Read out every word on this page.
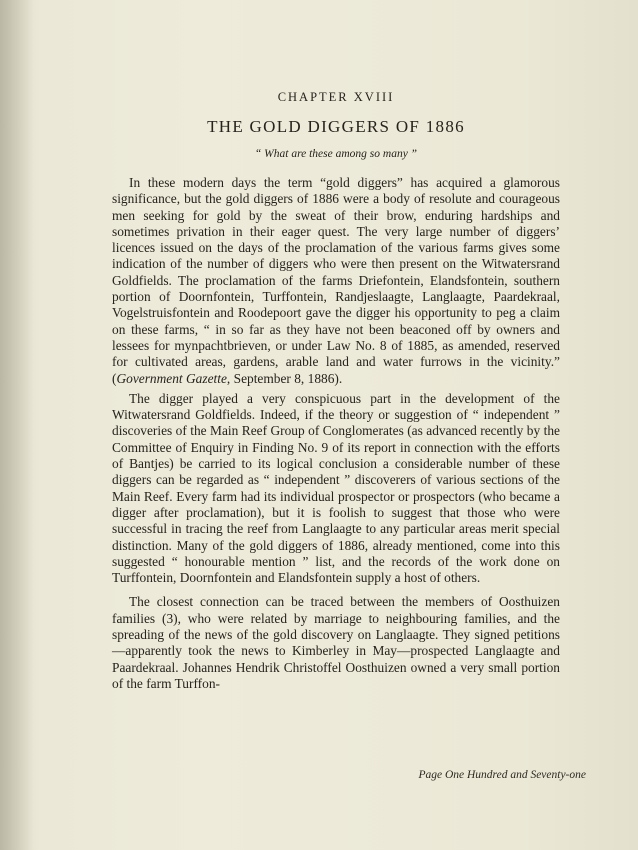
CHAPTER XVIII
THE GOLD DIGGERS OF 1886

“ What are these among so many ”

In these modern days the term “gold diggers” has acquired a glamorous significance, but the gold diggers of 1886 were a body of resolute and courageous men seeking for gold by the sweat of their brow, enduring hardships and sometimes privation in their eager quest. The very large number of diggers’ licences issued on the days of the proclamation of the various farms gives some indication of the number of diggers who were then present on the Witwatersrand Goldfields. The proclamation of the farms Driefontein, Elandsfontein, southern portion of Doornfontein, Turffontein, Randjeslaagte, Langlaagte, Paardekraal, Vogelstruisfontein and Roodepoort gave the digger his opportunity to peg a claim on these farms, “ in so far as they have not been beaconed off by owners and lessees for mynpachtbrieven, or under Law No. 8 of 1885, as amended, reserved for cultivated areas, gardens, arable land and water furrows in the vicinity.” (Government Gazette, September 8, 1886).

The digger played a very conspicuous part in the development of the Witwatersrand Goldfields. Indeed, if the theory or suggestion of “ independent ” discoveries of the Main Reef Group of Conglomerates (as advanced recently by the Committee of Enquiry in Finding No. 9 of its report in connection with the efforts of Bantjes) be carried to its logical conclusion a considerable number of these diggers can be regarded as “ independent ” discoverers of various sections of the Main Reef. Every farm had its individual prospector or prospectors (who became a digger after proclamation), but it is foolish to suggest that those who were successful in tracing the reef from Langlaagte to any particular areas merit special distinction. Many of the gold diggers of 1886, already mentioned, come into this suggested “ honourable mention ” list, and the records of the work done on Turffontein, Doornfontein and Elandsfontein supply a host of others.

The closest connection can be traced between the members of Oosthuizen families (3), who were related by marriage to neighbouring families, and the spreading of the news of the gold discovery on Langlaagte. They signed petitions—apparently took the news to Kimberley in May—prospected Langlaagte and Paardekraal. Johannes Hendrik Christoffel Oosthuizen owned a very small portion of the farm Turffon-

Page One Hundred and Seventy-one
